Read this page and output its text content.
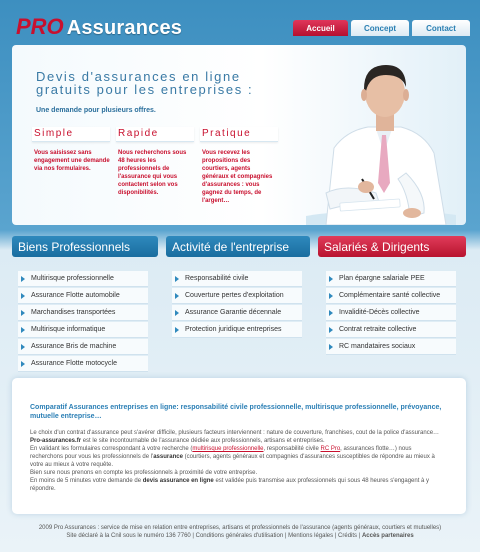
PRO Assurances	Accueil	Concept	Contact
Devis d'assurances en ligne
gratuits pour les entreprises :
Une demande pour plusieurs offres.
Simple
Vous saisissez sans engagement une demande via nos formulaires.
Rapide
Nous recherchons sous 48 heures les professionnels de l'assurance qui vous contactent selon vos disponibilités.
Pratique
Vous recevez les propositions des courtiers, agents généraux et compagnies d'assurances : vous gagnez du temps, de l'argent…
Biens Professionnels	Activité de l'entreprise	Salariés & Dirigents
Multirisque professionnelle
Assurance Flotte automobile
Marchandises transportées
Multirisque informatique
Assurance Bris de machine
Assurance Flotte motocycle
Responsabilité civile
Couverture pertes d'exploitation
Assurance Garantie décennale
Protection juridique entreprises
Plan épargne salariale PEE
Complémentaire santé collective
Invalidité-Décès collective
Contrat retraite collective
RC mandataires sociaux
Comparatif Assurances entreprises en ligne: responsabilité civile professionnelle, multirisque professionnelle, prévoyance, mutuelle entreprise…
Le choix d'un contrat d'assurance peut s'avérer difficile, plusieurs facteurs interviennent : nature de couverture, franchises, cout de la police d'assurance… Pro-assurances.fr est le site incontournable de l'assurance dédiée aux professionnels, artisans et entreprises.
En validant les formulaires correspondant à votre recherche (multirisque professionnelle, responsabilité civile RC Pro, assurances flotte…) nous recherchons pour vous les professionnels de l'assurance (courtiers, agents généraux et compagnies d'assurances susceptibles de répondre au mieux à votre au mieux à votre requête.
Bien sure nous prenons en compte les professionnels à proximité de votre entreprise.
En moins de 5 minutes votre demande de devis assurance en ligne est validée puis transmise aux professionnels qui sous 48 heures s'engagent à y répondre.
2009 Pro Assurances : service de mise en relation entre entreprises, artisans et professionnels de l'assurance (agents généraux, courtiers et mutuelles)
Site déclaré à la Cnil sous le numéro 136 7760 | Conditions générales d'utilisation | Mentions légales | Crédits | Accès partenaires
